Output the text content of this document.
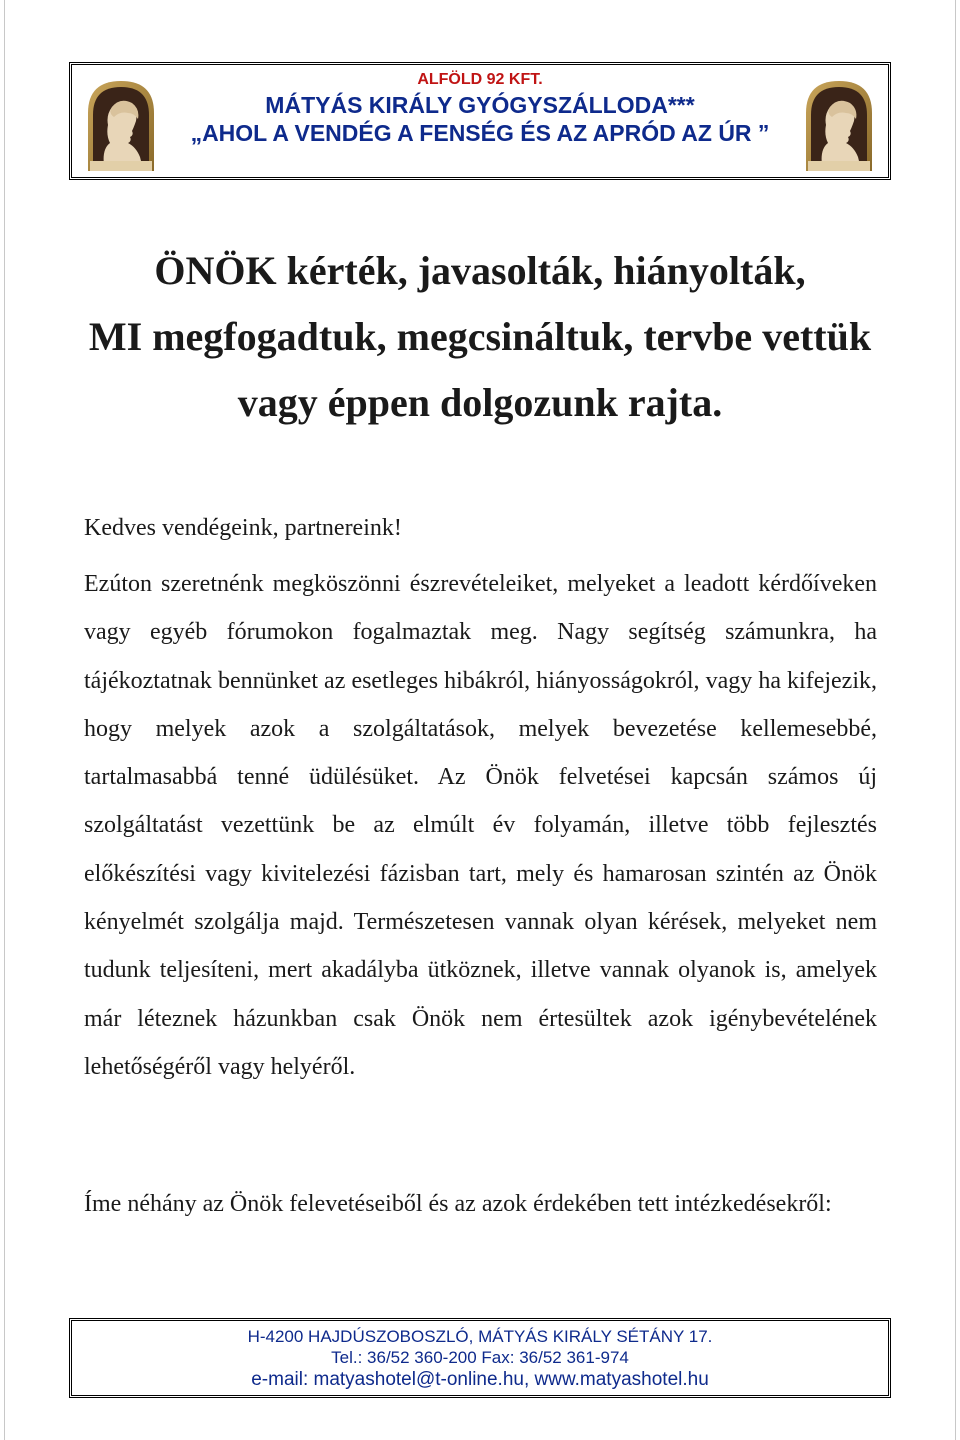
ALFÖLD 92 KFT.
MÁTYÁS KIRÁLY GYÓGYSZÁLLODA***
„AHOL A VENDÉG A FENSÉG ÉS AZ APRÓD AZ ÚR ”
ÖNÖK kérték, javasolták, hiányolták,
MI megfogadtuk, megcsináltuk, tervbe vettük
vagy éppen dolgozunk rajta.
Kedves vendégeink, partnereink!

Ezúton szeretnénk megköszönni észrevételeiket, melyeket a leadott kérdőíveken vagy egyéb fórumokon fogalmaztak meg. Nagy segítség számunkra, ha tájékoztatnak bennünket az esetleges hibákról, hiányosságokról, vagy ha kifejezik, hogy melyek azok a szolgáltatások, melyek bevezetése kellemesebbé, tartalmasabbá tenné üdülésüket. Az Önök felvetései kapcsán számos új szolgáltatást vezettünk be az elmúlt év folyamán, illetve több fejlesztés előkészítési vagy kivitelezési fázisban tart, mely és hamarosan szintén az Önök kényelmét szolgálja majd. Természetesen vannak olyan kérések, melyeket nem tudunk teljesíteni, mert akadályba ütköznek, illetve vannak olyanok is, amelyek már léteznek házunkban csak Önök nem értesültek azok igénybevételének lehetőségéről vagy helyéről.

Íme néhány az Önök felevetéseiből és az azok érdekében tett intézkedésekről:

H-4200 HAJDÚSZOBOSZLÓ, MÁTYÁS KIRÁLY SÉTÁNY 17.
Tel.: 36/52 360-200 Fax: 36/52 361-974
e-mail: matyashotel@t-online.hu, www.matyashotel.hu
